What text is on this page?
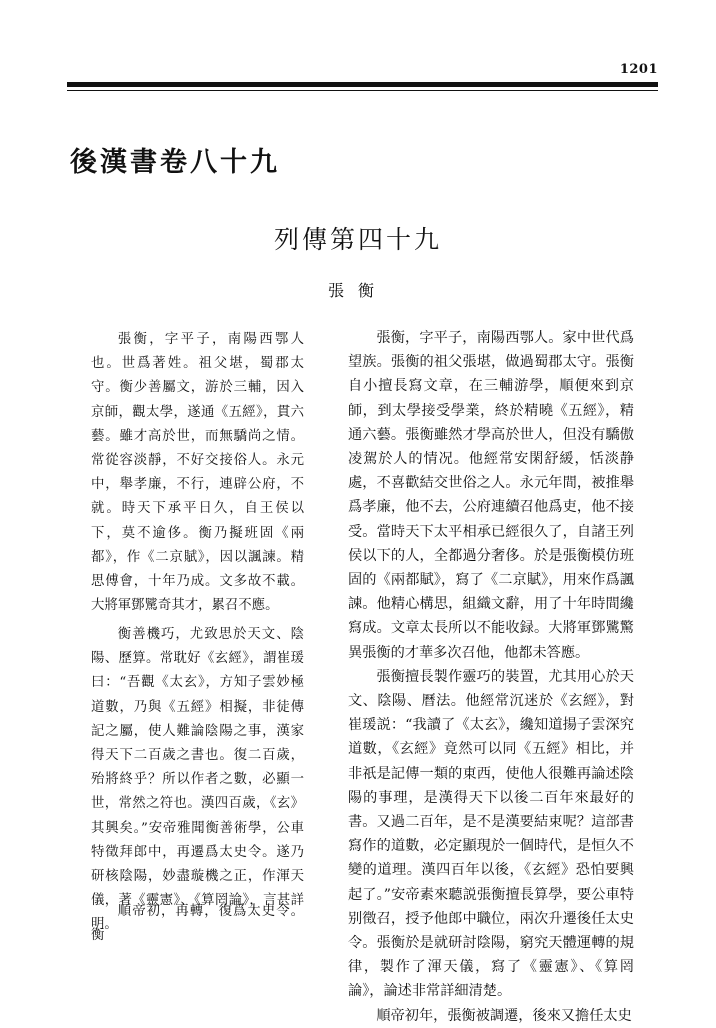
1201
後漢書卷八十九
列傳第四十九
張衡

張衡，字平子，南陽西鄂人也。世爲著姓。祖父堪，蜀郡太守。衡少善屬文，游於三輔，因入京師，觀太學，遂通《五經》，貫六藝。雖才高於世，而無驕尚之情。常從容淡靜，不好交接俗人。永元中，舉孝廉，不行，連辟公府，不就。時天下承平日久，自王侯以下，莫不逾侈。衡乃擬班固《兩都》，作《二京賦》，因以諷諫。精思傅會，十年乃成。文多故不載。大將軍鄧騭奇其才，累召不應。

衡善機巧，尤致思於天文、陰陽、歷算。常耽好《玄經》，謂崔瑗曰：“吾觀《太玄》，方知子雲妙極道數，乃與《五經》相擬，非徒傳記之屬，使人難論陰陽之事，漢家得天下二百歲之書也。復二百歲，殆將終乎？所以作者之數，必顯一世，常然之符也。漢四百歲，《玄》其興矣。”安帝雅聞衡善術學，公車特徵拜郎中，再遷爲太史令。遂乃研核陰陽，妙盡璇機之正，作渾天儀，著《靈憲》、《算罔論》，言甚詳明。

順帝初，再轉，復爲太史令。衡

張衡，字平子，南陽西鄂人。家中世代爲望族。張衡的祖父張堪，做過蜀郡太守。張衡自小擅長寫文章，在三輔游學，順便來到京師，到太學接受學業，終於精曉《五經》，精通六藝。張衡雖然才學高於世人，但没有驕傲凌駕於人的情况。他經常安閑舒緩，恬淡静處，不喜歡結交世俗之人。永元年間，被推舉爲孝廉，他不去，公府連續召他爲吏，他不接受。當時天下太平相承已經很久了，自諸王列侯以下的人，全都過分奢侈。於是張衡模仿班固的《兩都賦》，寫了《二京賦》，用來作爲諷諫。他精心構思，組織文辭，用了十年時間纔寫成。文章太長所以不能收録。大將軍鄧騭驚異張衡的才華多次召他，他都未答應。

張衡擅長製作靈巧的裝置，尤其用心於天文、陰陽、曆法。他經常沉迷於《玄經》，對崔瑗説：“我讀了《太玄》，纔知道揚子雲深究道數，《玄經》竟然可以同《五經》相比，并非祇是記傳一類的東西，使他人很難再論述陰陽的事理，是漢得天下以後二百年來最好的書。又過二百年，是不是漢要結束呢？這部書寫作的道數，必定顯現於一個時代，是恒久不變的道理。漢四百年以後，《玄經》恐怕要興起了。”安帝素來聽説張衡擅長算學，要公車特别徵召，授予他郎中職位，兩次升遷後任太史令。張衡於是就研討陰陽，窮究天體運轉的規律，製作了渾天儀，寫了《靈憲》、《算罔論》，論述非常詳細清楚。

順帝初年，張衡被調遷，後來又擔任太史
